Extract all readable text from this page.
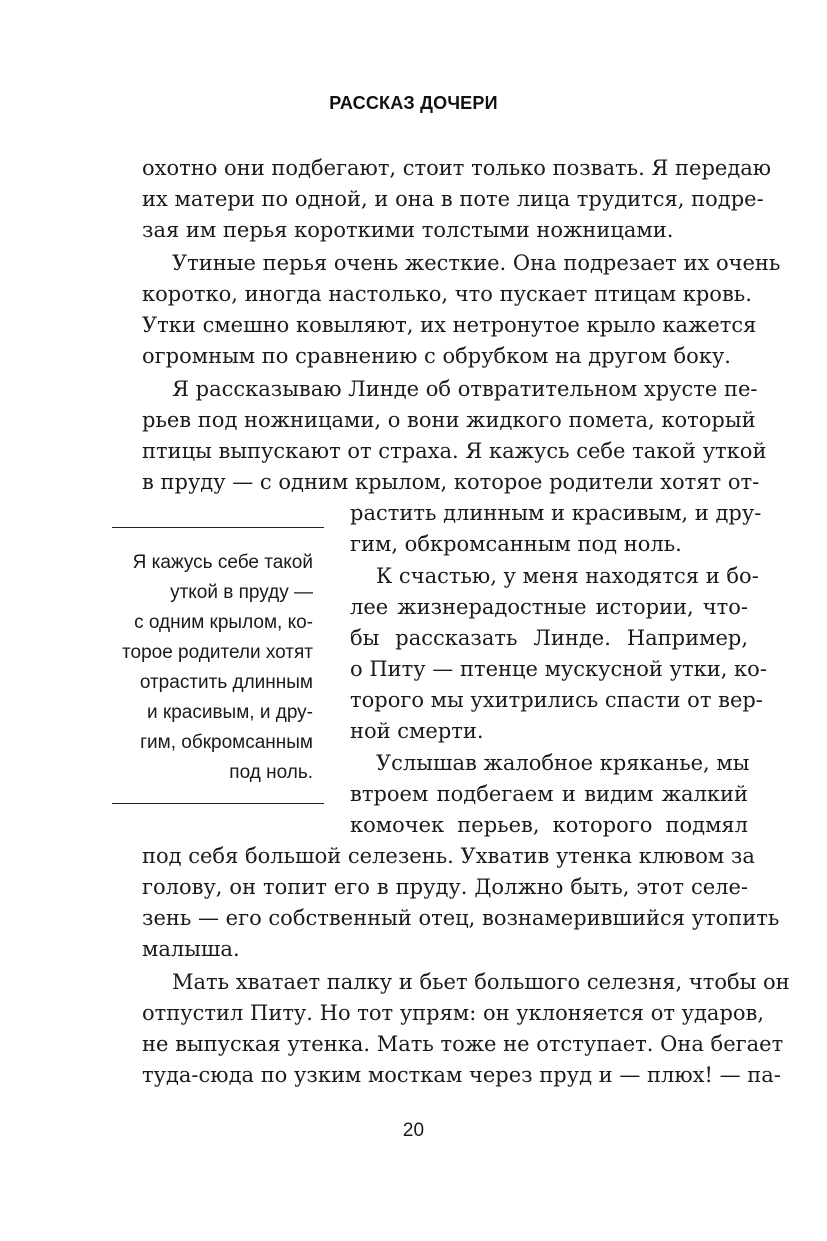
РАССКАЗ ДОЧЕРИ
охотно они подбегают, стоит только позвать. Я передаю
их матери по одной, и она в поте лица трудится, подре-
зая им перья короткими толстыми ножницами.
Утиные перья очень жесткие. Она подрезает их очень
коротко, иногда настолько, что пускает птицам кровь.
Утки смешно ковыляют, их нетронутое крыло кажется
огромным по сравнению с обрубком на другом боку.
Я рассказываю Линде об отвратительном хрусте пе-
рьев под ножницами, о вони жидкого помета, который
птицы выпускают от страха. Я кажусь себе такой уткой
в пруду — с одним крылом, которое родители хотят от-
растить длинным и красивым, и дру-
гим, обкромсанным под ноль.
К счастью, у меня находятся и бо-
лее жизнерадостные истории, что-
бы рассказать Линде. Например,
о Питу — птенце мускусной утки, ко-
торого мы ухитрились спасти от вер-
ной смерти.
Услышав жалобное кряканье, мы
втроем подбегаем и видим жалкий
комочек перьев, которого подмял
под себя большой селезень. Ухватив утенка клювом за
голову, он топит его в пруду. Должно быть, этот селе-
зень — его собственный отец, вознамерившийся утопить
малыша.
Мать хватает палку и бьет большого селезня, чтобы он
отпустил Питу. Но тот упрям: он уклоняется от ударов,
не выпуская утенка. Мать тоже не отступает. Она бегает
туда-сюда по узким мосткам через пруд и — плюх! — па-
Я кажусь себе такой
уткой в пруду —
с одним крылом, ко-
торое родители хотят
отрастить длинным
и красивым, и дру-
гим, обкромсанным
под ноль.
20
